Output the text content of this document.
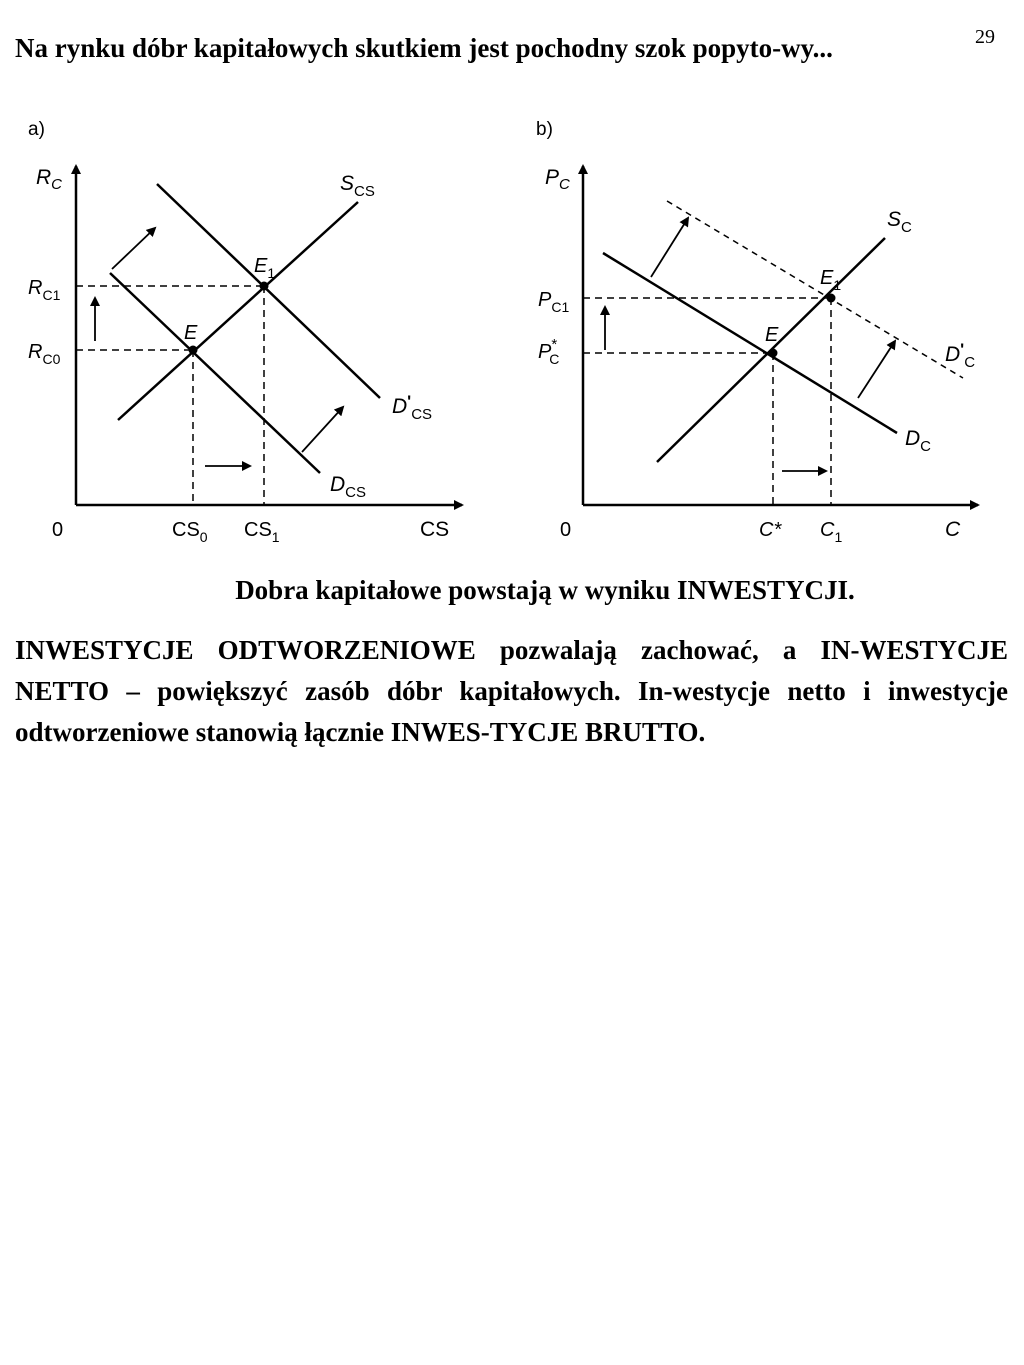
29
Na rynku dóbr kapitałowych skutkiem jest pochodny szok popyto-wy...
a)
$R_C$
CS
0
$S_{CS}$
$D'_{CS}$
$D_{CS}$
E
$E_1$
$R_{C1}$
$R_{C0}$
$CS_0$ $CS_1$
b)
$P_C$
C
0
$S_C$
$D'_C$
$D_C$
E
$E_1$
$P_{C1}$
P* C
C* $C_1$
Dobra kapitałowe powstają w wyniku INWESTYCJI.
INWESTYCJE ODTWORZENIOWE pozwalają zachować, a IN-WESTYCJE NETTO – powiększyć zasób dóbr kapitałowych. In-westycje netto i inwestycje odtworzeniowe stanowią łącznie INWES-TYCJE BRUTTO.
